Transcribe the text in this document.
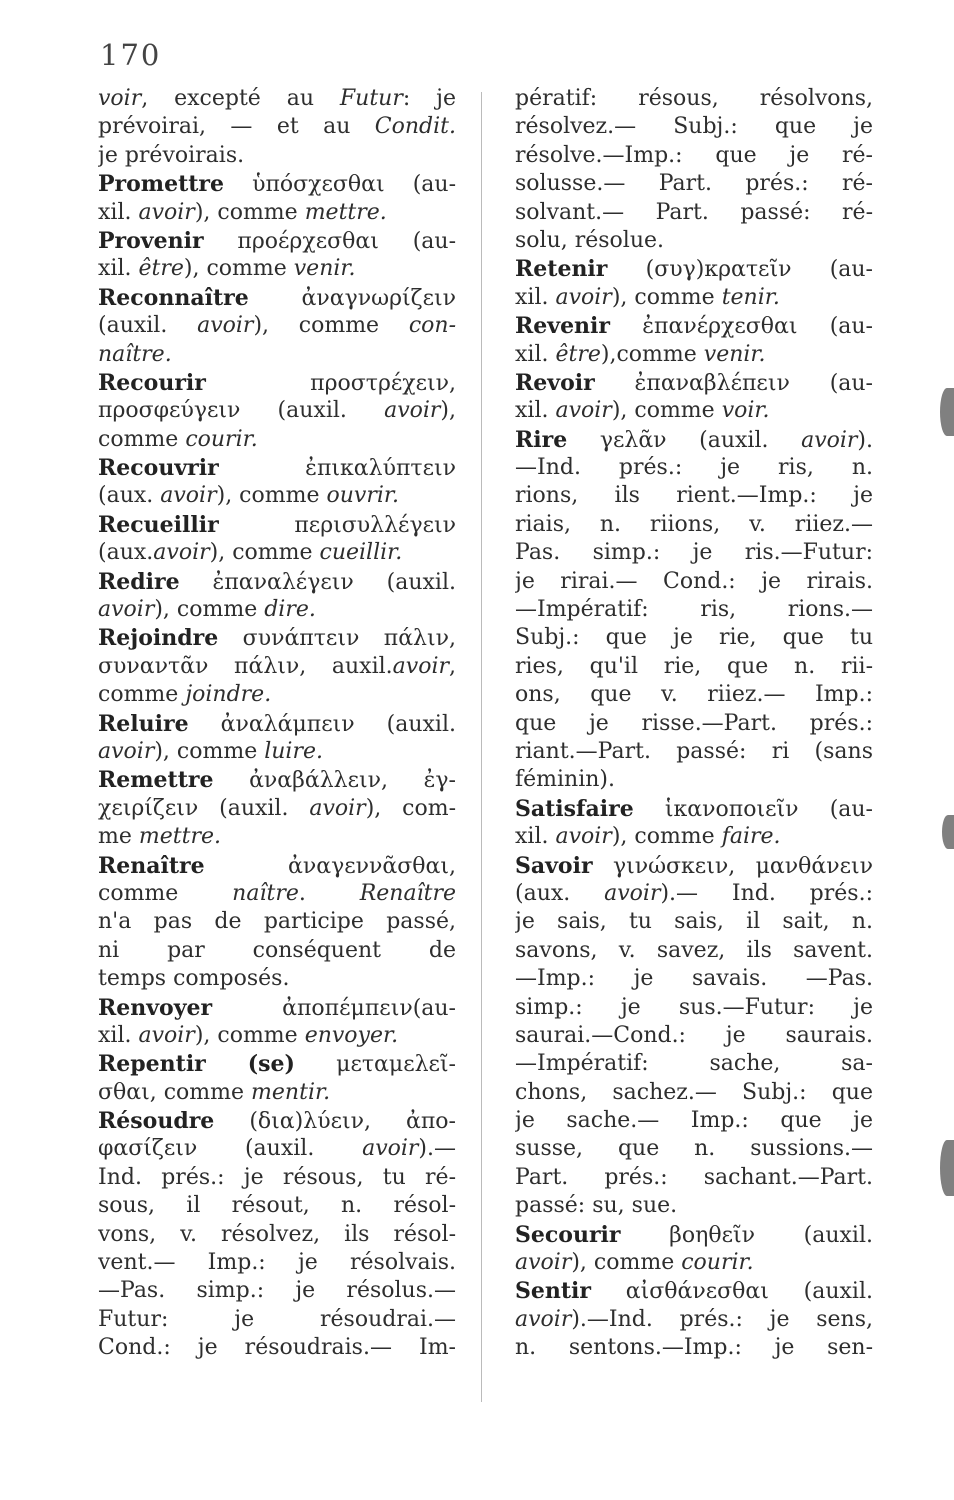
170
voir, excepté au Futur: je
prévoirai, — et au Condit.
je prévoirais.
Promettre ὑπόσχεσθαι (au-
xil. avoir), comme mettre.
Provenir προέρχεσθαι (au-
xil. être), comme venir.
Reconnaître ἀναγνωρίζειν
(auxil. avoir), comme con-
naître.
Recourir προστρέχειν,
προσφεύγειν (auxil. avoir),
comme courir.
Recouvrir ἐπικαλύπτειν
(aux. avoir), comme ouvrir.
Recueillir περισυλλέγειν
(aux.avoir), comme cueillir.
Redire ἐπαναλέγειν (auxil.
avoir), comme dire.
Rejoindre συνάπτειν πάλιν,
συναντᾶν πάλιν, auxil.avoir,
comme joindre.
Reluire ἀναλάμπειν (auxil.
avoir), comme luire.
Remettre ἀναβάλλειν, ἐγ-
χειρίζειν (auxil. avoir), com-
me mettre.
Renaître ἀναγεννᾶσθαι,
comme naître. Renaître
n'a pas de participe passé,
ni par conséquent de
temps composés.
Renvoyer ἀποπέμπειν(au-
xil. avoir), comme envoyer.
Repentir (se) μεταμελεῖ-
σθαι, comme mentir.
Résoudre (δια)λύειν, ἀπο-
φασίζειν (auxil. avoir).—
Ind. prés.: je résous, tu ré-
sous, il résout, n. résol-
vons, v. résolvez, ils résol-
vent.— Imp.: je résolvais.
—Pas. simp.: je résolus.—
Futur: je résoudrai.—
Cond.: je résoudrais.— Im-
pératif: résous, résolvons,
résolvez.— Subj.: que je
résolve.—Imp.: que je ré-
solusse.— Part. prés.: ré-
solvant.— Part. passé: ré-
solu, résolue.
Retenir (συγ)κρατεῖν (au-
xil. avoir), comme tenir.
Revenir ἐπανέρχεσθαι (au-
xil. être),comme venir.
Revoir ἐπαναβλέπειν (au-
xil. avoir), comme voir.
Rire γελᾶν (auxil. avoir).
—Ind. prés.: je ris, n.
rions, ils rient.—Imp.: je
riais, n. riions, v. riiez.—
Pas. simp.: je ris.—Futur:
je rirai.— Cond.: je rirais.
—Impératif: ris, rions.—
Subj.: que je rie, que tu
ries, qu'il rie, que n. rii-
ons, que v. riiez.— Imp.:
que je risse.—Part. prés.:
riant.—Part. passé: ri (sans
féminin).
Satisfaire ἱκανοποιεῖν (au-
xil. avoir), comme faire.
Savoir γινώσκειν, μανθάνειν
(aux. avoir).— Ind. prés.:
je sais, tu sais, il sait, n.
savons, v. savez, ils savent.
—Imp.: je savais. —Pas.
simp.: je sus.—Futur: je
saurai.—Cond.: je saurais.
—Impératif: sache, sa-
chons, sachez.— Subj.: que
je sache.— Imp.: que je
susse, que n. sussions.—
Part. prés.: sachant.—Part.
passé: su, sue.
Secourir βοηθεῖν (auxil.
avoir), comme courir.
Sentir αἰσθάνεσθαι (auxil.
avoir).—Ind. prés.: je sens,
n. sentons.—Imp.: je sen-
